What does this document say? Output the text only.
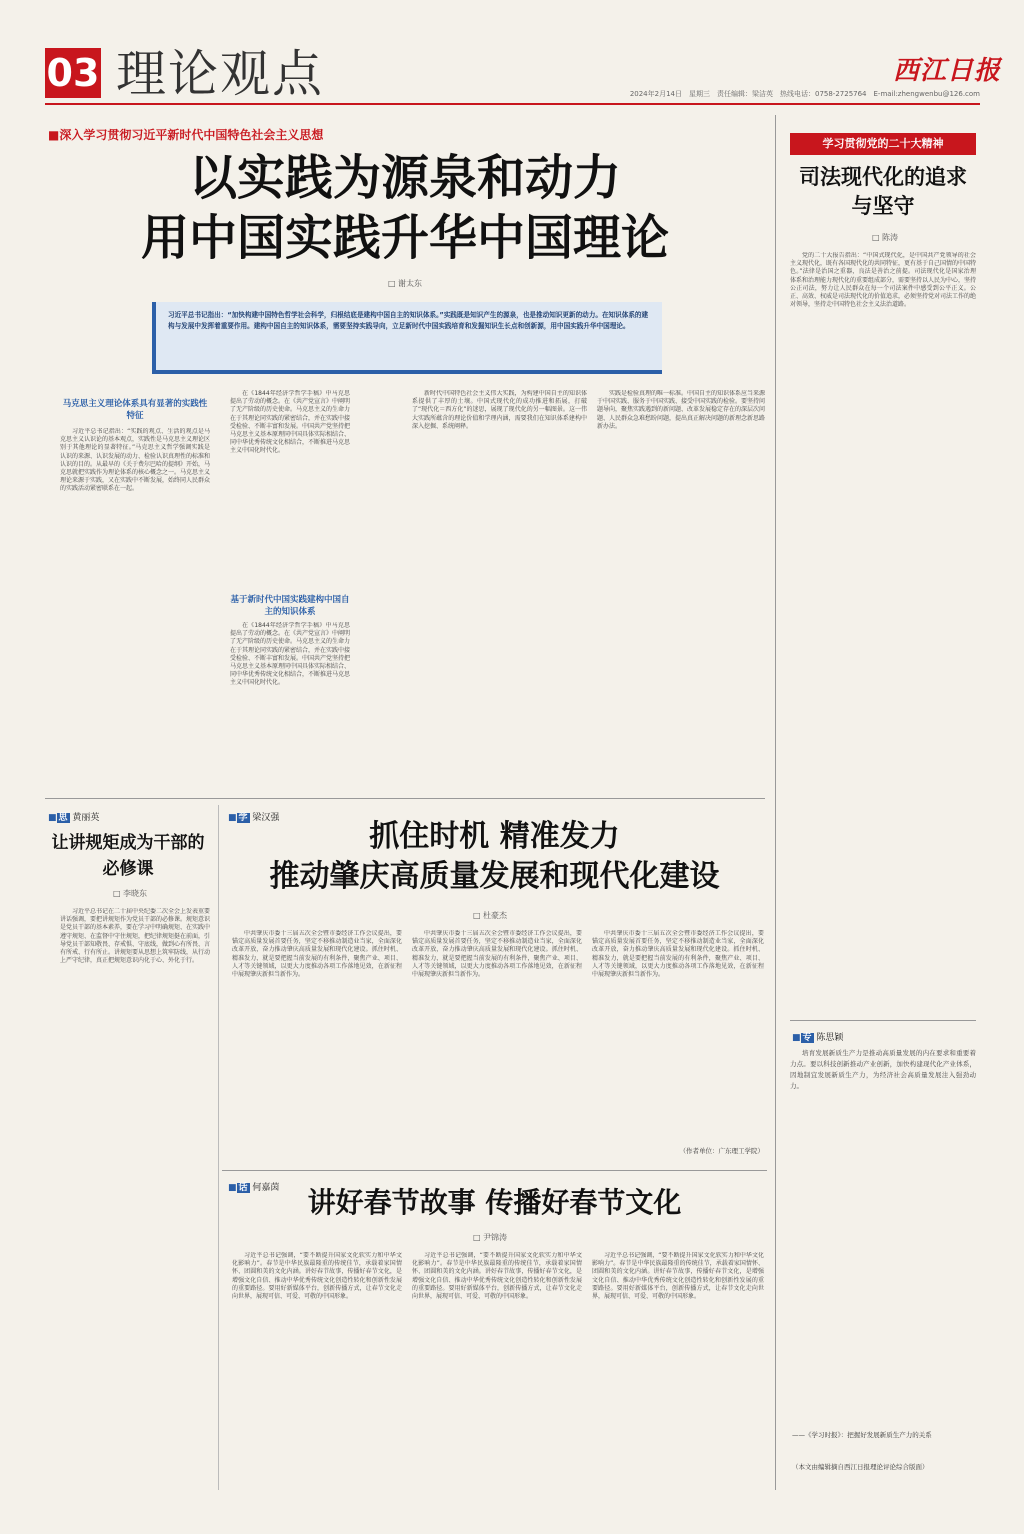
03 理论观点	西江日报
2024年2月14日　星期三　责任编辑：梁洁英　热线电话：0758-2725764　E-mail:zhengwenbu@126.com
■深入学习贯彻习近平新时代中国特色社会主义思想
以实践为源泉和动力
用中国实践升华中国理论
□ 谢太东
习近平总书记指出：“加快构建中国特色哲学社会科学，归根结底是建构中国自主的知识体系。”实践既是知识产生的源泉，也是推动知识更新的动力。在知识体系的建构与发展中发挥着重要作用。建构中国自主的知识体系，需要坚持实践导向，立足新时代中国实践培育和发掘知识生长点和创新源，用中国实践升华中国理论。
马克思主义理论体系具有显著的实践性特征

习近平总书记指出：“实践的观点、生活的观点是马克思主义认识论的基本观点，实践性是马克思主义理论区别于其他理论的显著特征。”马克思主义哲学强调实践是认识的来源、认识发展的动力、检验认识真理性的标准和认识的目的。从最早的《关于费尔巴哈的提纲》开始，马克思就把实践作为理论体系的核心概念之一。马克思主义理论来源于实践，又在实践中不断发展，始终同人民群众的实践活动紧密联系在一起。

在《1844年经济学哲学手稿》中马克思提出了劳动的概念。在《共产党宣言》中阐明了无产阶级的历史使命。马克思主义的生命力在于其理论同实践的紧密结合，并在实践中接受检验、不断丰富和发展。中国共产党坚持把马克思主义基本原理同中国具体实际相结合、同中华优秀传统文化相结合，不断推进马克思主义中国化时代化。

基于新时代中国实践建构中国自主的知识体系

在《1844年经济学哲学手稿》中马克思提出了劳动的概念。在《共产党宣言》中阐明了无产阶级的历史使命。马克思主义的生命力在于其理论同实践的紧密结合，并在实践中接受检验、不断丰富和发展。中国共产党坚持把马克思主义基本原理同中国具体实际相结合、同中华优秀传统文化相结合，不断推进马克思主义中国化时代化。

新时代中国特色社会主义伟大实践，为构建中国自主的知识体系提供了丰厚的土壤。中国式现代化的成功推进和拓展，打破了“现代化＝西方化”的迷思，展现了现代化的另一幅图景。这一伟大实践所蕴含的理论价值和学理内涵，需要我们在知识体系建构中深入挖掘、系统阐释。

实践是检验真理的唯一标准。中国自主的知识体系应当来源于中国实践、服务于中国实践、接受中国实践的检验。要坚持问题导向，聚焦实践遇到的新问题、改革发展稳定存在的深层次问题、人民群众急难愁盼问题，提出真正解决问题的新理念新思路新办法。

学习贯彻党的二十大精神
司法现代化的追求与坚守
□ 陈涛

党的二十大报告指出：“中国式现代化，是中国共产党领导的社会主义现代化，既有各国现代化的共同特征，更有基于自己国情的中国特色。”法律是治国之重器，良法是善治之前提。司法现代化是国家治理体系和治理能力现代化的重要组成部分，需要坚持以人民为中心，坚持公正司法，努力让人民群众在每一个司法案件中感受到公平正义。公正、高效、权威是司法现代化的价值追求，必须坚持党对司法工作的绝对领导，坚持走中国特色社会主义法治道路。

■ 专 陈思颖

培育发展新质生产力是推动高质量发展的内在要求和重要着力点。要以科技创新推动产业创新，加快构建现代化产业体系，因地制宜发展新质生产力，为经济社会高质量发展注入强劲动力。

——《学习时报》：把握好发展新质生产力的关系
（本文由编辑摘自西江日报理论评论综合版面）
■ 思 黄丽英
让讲规矩成为干部的必修课
□ 李晓东

习近平总书记在二十届中央纪委二次全会上发表重要讲话强调，要把讲规矩作为党员干部的必修课。规矩意识是党员干部的基本素养，要在学习中明确规矩、在实践中遵守规矩、在监督中守住规矩，把纪律规矩挺在前面，引导党员干部知敬畏、存戒惧、守底线，做到心有所畏、言有所戒、行有所止。讲规矩要从思想上筑牢防线，从行动上严守纪律，真正把规矩意识内化于心、外化于行。

■ 学 梁汉强
抓住时机 精准发力
推动肇庆高质量发展和现代化建设
□ 杜豪杰

中共肇庆市委十三届五次全会暨市委经济工作会议提出，要锚定高质量发展首要任务，坚定不移推动制造业当家，全面深化改革开放，奋力推动肇庆高质量发展和现代化建设。抓住时机、精准发力，就是要把握当前发展的有利条件，聚焦产业、项目、人才等关键领域，以更大力度推动各项工作落地见效，在新征程中展现肇庆新担当新作为。

中共肇庆市委十三届五次全会暨市委经济工作会议提出，要锚定高质量发展首要任务，坚定不移推动制造业当家，全面深化改革开放，奋力推动肇庆高质量发展和现代化建设。抓住时机、精准发力，就是要把握当前发展的有利条件，聚焦产业、项目、人才等关键领域，以更大力度推动各项工作落地见效，在新征程中展现肇庆新担当新作为。

中共肇庆市委十三届五次全会暨市委经济工作会议提出，要锚定高质量发展首要任务，坚定不移推动制造业当家，全面深化改革开放，奋力推动肇庆高质量发展和现代化建设。抓住时机、精准发力，就是要把握当前发展的有利条件，聚焦产业、项目、人才等关键领域，以更大力度推动各项工作落地见效，在新征程中展现肇庆新担当新作为。

（作者单位：广东理工学院）
■ 话 何嘉茵	讲好春节故事 传播好春节文化
□ 尹锦涛

习近平总书记强调，“要不断提升国家文化软实力和中华文化影响力”。春节是中华民族最隆重的传统佳节，承载着家国情怀、团圆和美的文化内涵。讲好春节故事，传播好春节文化，是增强文化自信、推动中华优秀传统文化创造性转化和创新性发展的重要路径。要用好新媒体平台，创新传播方式，让春节文化走向世界，展现可信、可爱、可敬的中国形象。

习近平总书记强调，“要不断提升国家文化软实力和中华文化影响力”。春节是中华民族最隆重的传统佳节，承载着家国情怀、团圆和美的文化内涵。讲好春节故事，传播好春节文化，是增强文化自信、推动中华优秀传统文化创造性转化和创新性发展的重要路径。要用好新媒体平台，创新传播方式，让春节文化走向世界，展现可信、可爱、可敬的中国形象。

习近平总书记强调，“要不断提升国家文化软实力和中华文化影响力”。春节是中华民族最隆重的传统佳节，承载着家国情怀、团圆和美的文化内涵。讲好春节故事，传播好春节文化，是增强文化自信、推动中华优秀传统文化创造性转化和创新性发展的重要路径。要用好新媒体平台，创新传播方式，让春节文化走向世界，展现可信、可爱、可敬的中国形象。
